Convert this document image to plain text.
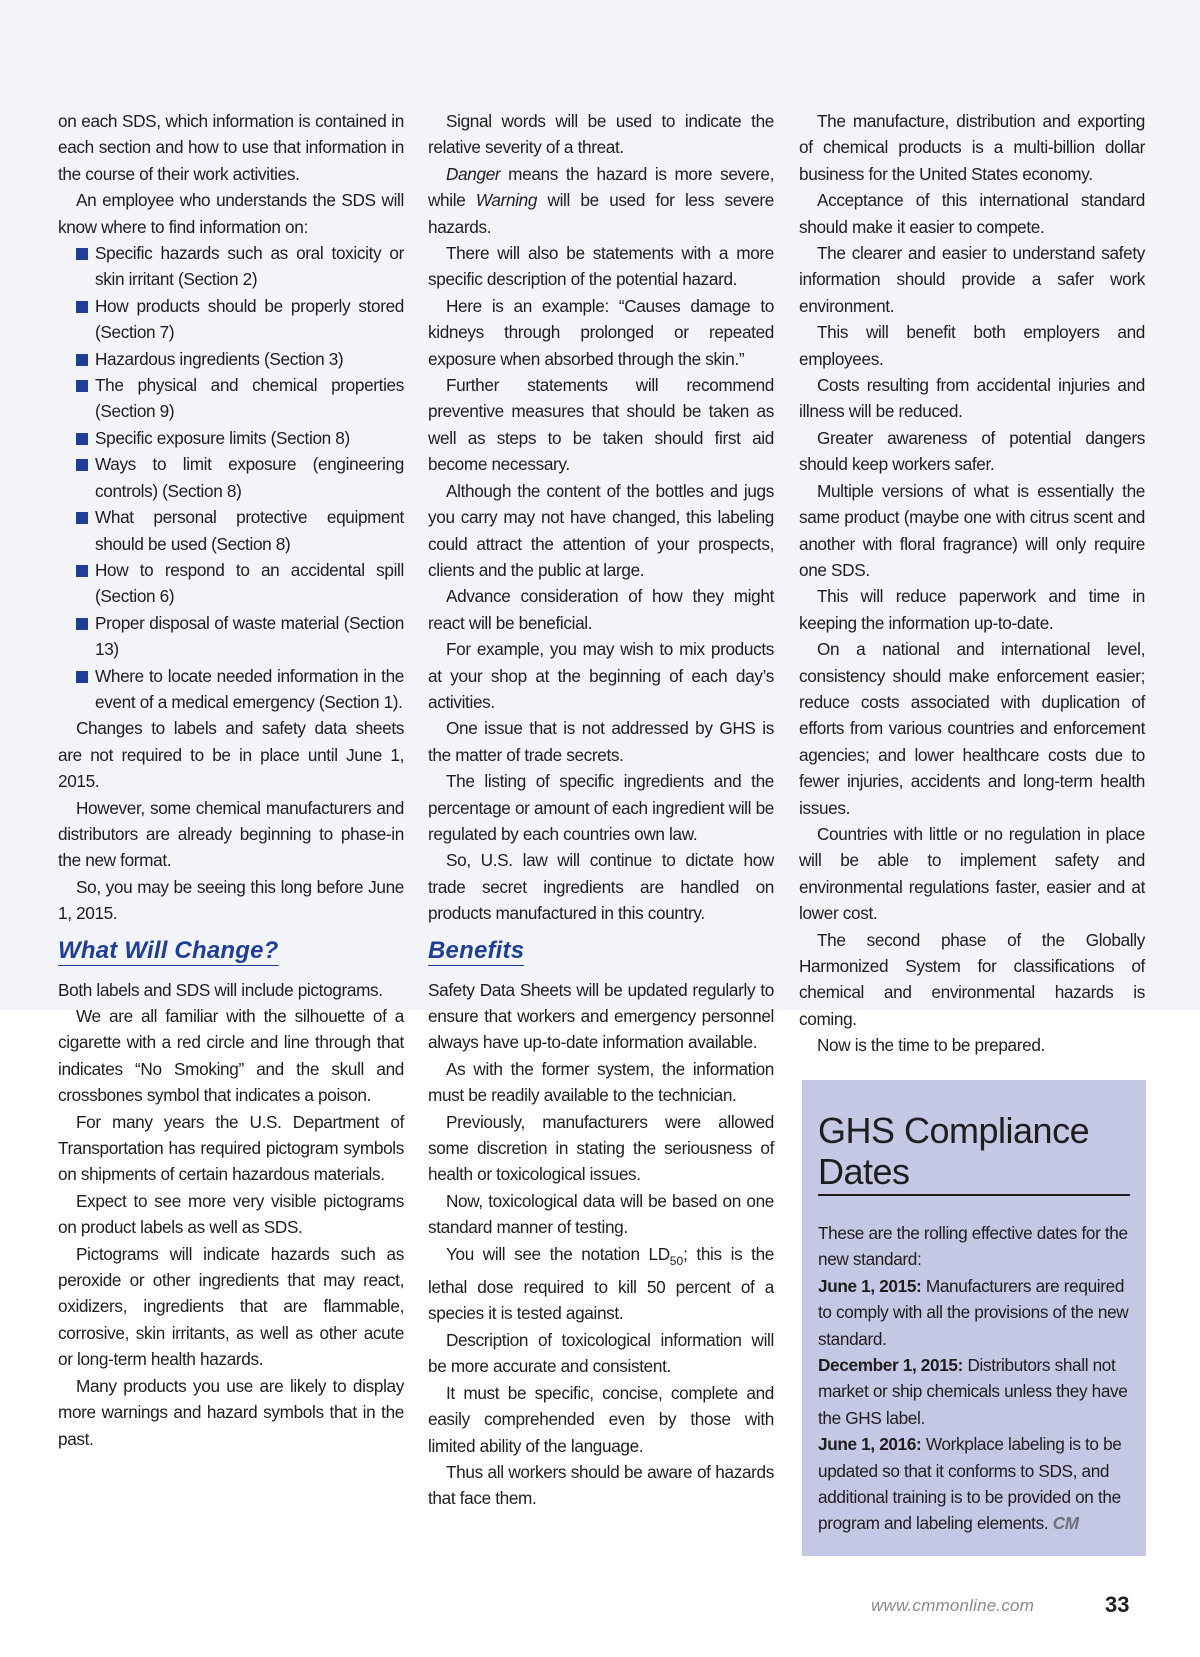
on each SDS, which information is contained in each section and how to use that information in the course of their work activities.

An employee who understands the SDS will know where to find information on:

Specific hazards such as oral toxicity or skin irritant (Section 2)
How products should be properly stored (Section 7)
Hazardous ingredients (Section 3)
The physical and chemical properties (Section 9)
Specific exposure limits (Section 8)
Ways to limit exposure (engineering controls) (Section 8)
What personal protective equipment should be used (Section 8)
How to respond to an accidental spill (Section 6)
Proper disposal of waste material (Section 13)
Where to locate needed information in the event of a medical emergency (Section 1).

Changes to labels and safety data sheets are not required to be in place until June 1, 2015.

However, some chemical manufacturers and distributors are already beginning to phase-in the new format.

So, you may be seeing this long before June 1, 2015.

What Will Change?

Both labels and SDS will include pictograms.

We are all familiar with the silhouette of a cigarette with a red circle and line through that indicates “No Smoking” and the skull and crossbones symbol that indicates a poison.

For many years the U.S. Department of Transportation has required pictogram symbols on shipments of certain hazardous materials.

Expect to see more very visible pictograms on product labels as well as SDS.

Pictograms will indicate hazards such as peroxide or other ingredients that may react, oxidizers, ingredients that are flammable, corrosive, skin irritants, as well as other acute or long-term health hazards.

Many products you use are likely to display more warnings and hazard symbols that in the past.

Signal words will be used to indicate the relative severity of a threat.

Danger means the hazard is more severe, while Warning will be used for less severe hazards.

There will also be statements with a more specific description of the potential hazard.

Here is an example: “Causes damage to kidneys through prolonged or repeated exposure when absorbed through the skin.”

Further statements will recommend preventive measures that should be taken as well as steps to be taken should first aid become necessary.

Although the content of the bottles and jugs you carry may not have changed, this labeling could attract the attention of your prospects, clients and the public at large.

Advance consideration of how they might react will be beneficial.

For example, you may wish to mix products at your shop at the beginning of each day’s activities.

One issue that is not addressed by GHS is the matter of trade secrets.

The listing of specific ingredients and the percentage or amount of each ingredient will be regulated by each countries own law.

So, U.S. law will continue to dictate how trade secret ingredients are handled on products manufactured in this country.

Benefits

Safety Data Sheets will be updated regularly to ensure that workers and emergency personnel always have up-to-date information available.

As with the former system, the information must be readily available to the technician.

Previously, manufacturers were allowed some discretion in stating the seriousness of health or toxicological issues.

Now, toxicological data will be based on one standard manner of testing.

You will see the notation $LD_{50}$; this is the lethal dose required to kill 50 percent of a species it is tested against.

Description of toxicological information will be more accurate and consistent.

It must be specific, concise, complete and easily comprehended even by those with limited ability of the language.

Thus all workers should be aware of hazards that face them.

The manufacture, distribution and exporting of chemical products is a multi-billion dollar business for the United States economy.

Acceptance of this international standard should make it easier to compete.

The clearer and easier to understand safety information should provide a safer work environment.

This will benefit both employers and employees.

Costs resulting from accidental injuries and illness will be reduced.

Greater awareness of potential dangers should keep workers safer.

Multiple versions of what is essentially the same product (maybe one with citrus scent and another with floral fragrance) will only require one SDS.

This will reduce paperwork and time in keeping the information up-to-date.

On a national and international level, consistency should make enforcement easier; reduce costs associated with duplication of efforts from various countries and enforcement agencies; and lower healthcare costs due to fewer injuries, accidents and long-term health issues.

Countries with little or no regulation in place will be able to implement safety and environmental regulations faster, easier and at lower cost.

The second phase of the Globally Harmonized System for classifications of chemical and environmental hazards is coming.

Now is the time to be prepared.

GHS Compliance Dates

These are the rolling effective dates for the new standard:

June 1, 2015: Manufacturers are required to comply with all the provisions of the new standard.

December 1, 2015: Distributors shall not market or ship chemicals unless they have the GHS label.

June 1, 2016: Workplace labeling is to be updated so that it conforms to SDS, and additional training is to be provided on the program and labeling elements. CM

www.cmmonline.com	33
